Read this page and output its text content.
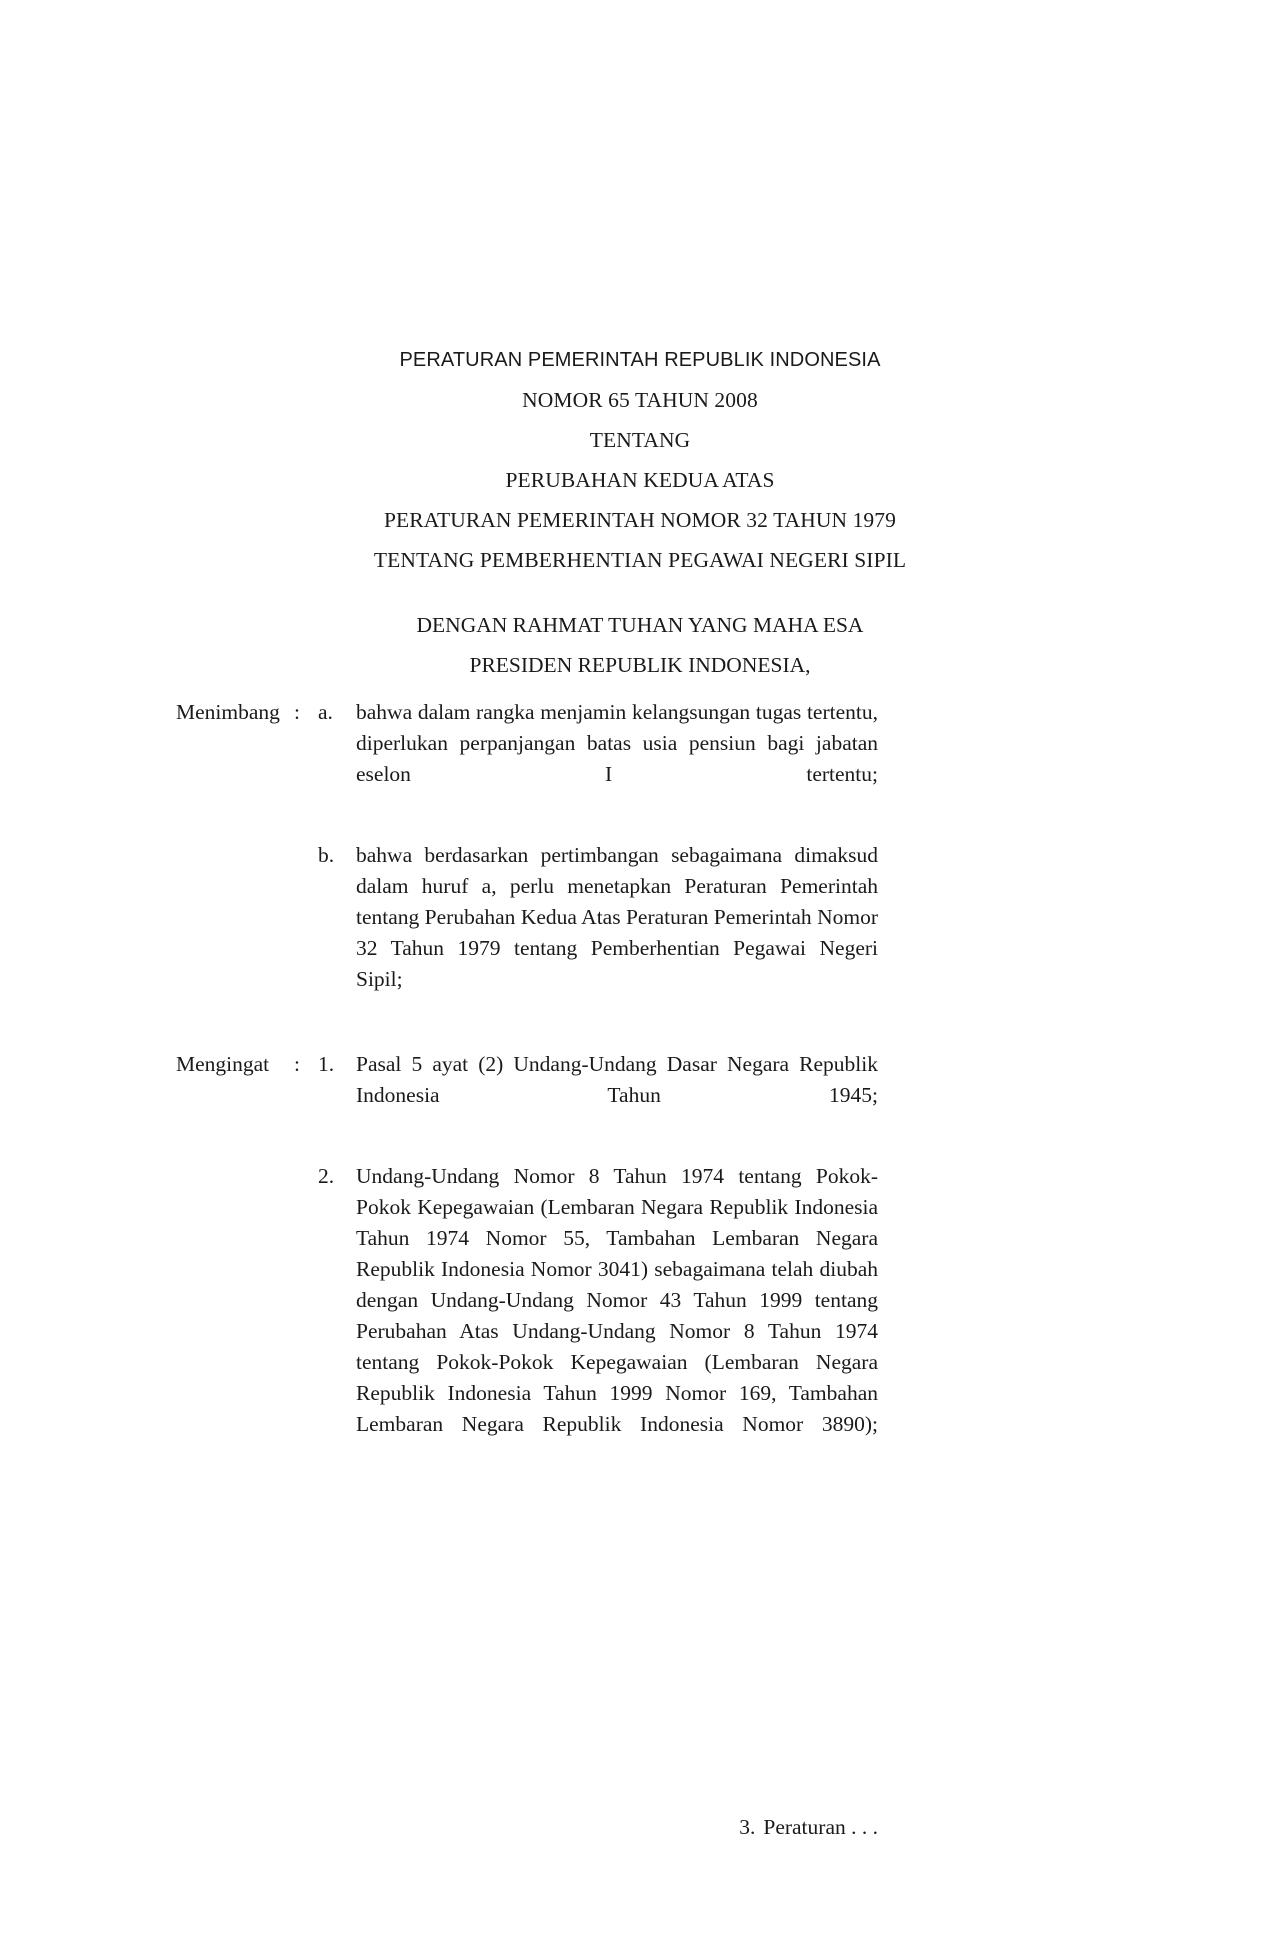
PERATURAN PEMERINTAH REPUBLIK INDONESIA
NOMOR 65 TAHUN 2008
TENTANG
PERUBAHAN KEDUA ATAS
PERATURAN PEMERINTAH NOMOR 32 TAHUN 1979
TENTANG PEMBERHENTIAN PEGAWAI NEGERI SIPIL
DENGAN RAHMAT TUHAN YANG MAHA ESA
PRESIDEN REPUBLIK INDONESIA,
Menimbang : a.	bahwa dalam rangka menjamin kelangsungan tugas tertentu, diperlukan perpanjangan batas usia pensiun bagi jabatan eselon I tertentu;
b.	bahwa berdasarkan pertimbangan sebagaimana dimaksud dalam huruf a, perlu menetapkan Peraturan Pemerintah tentang Perubahan Kedua Atas Peraturan Pemerintah Nomor 32 Tahun 1979 tentang Pemberhentian Pegawai Negeri Sipil;
Mengingat	: 1.	Pasal 5 ayat (2) Undang-Undang Dasar Negara Republik Indonesia Tahun 1945;
2.	Undang-Undang Nomor 8 Tahun 1974 tentang Pokok-Pokok Kepegawaian (Lembaran Negara Republik Indonesia Tahun 1974 Nomor 55, Tambahan Lembaran Negara Republik Indonesia Nomor 3041) sebagaimana telah diubah dengan Undang-Undang Nomor 43 Tahun 1999 tentang Perubahan Atas Undang-Undang Nomor 8 Tahun 1974 tentang Pokok-Pokok Kepegawaian (Lembaran Negara Republik Indonesia Tahun 1999 Nomor 169, Tambahan Lembaran Negara Republik Indonesia Nomor 3890);
3. Peraturan . . .
